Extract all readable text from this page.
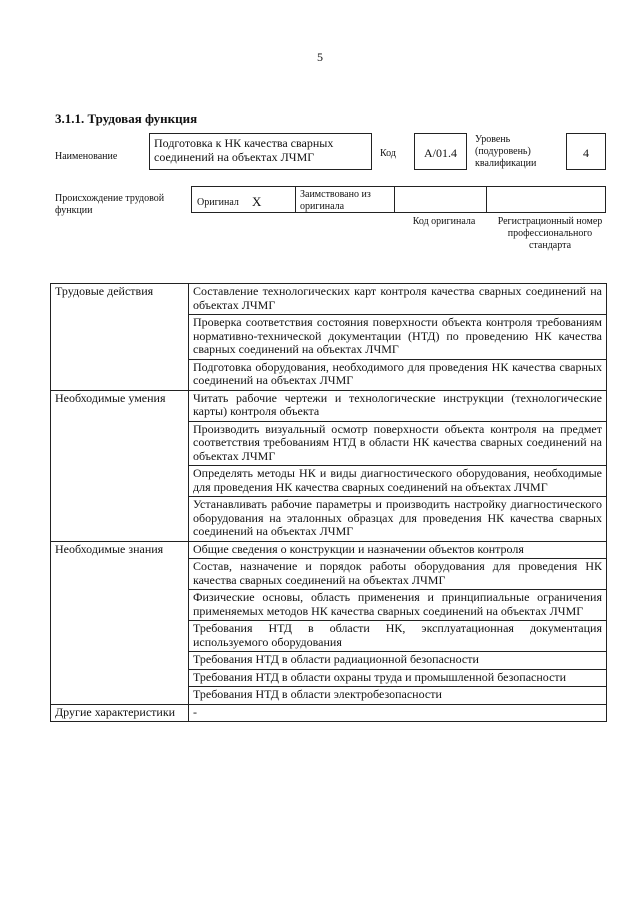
5
3.1.1. Трудовая функция
Наименование
Подготовка к НК качества сварных соединений на объектах ЛЧМГ	Код	А/01.4
Уровень (подуровень) квалификации
4
Происхождение трудовой функции
Оригинал X	Заимствовано из оригинала
Код оригинала	Регистрационный номер профессионального стандарта
Трудовые действия	Составление технологических карт контроля качества сварных соединений на объектах ЛЧМГ
	Проверка соответствия состояния поверхности объекта контроля требованиям нормативно-технической документации (НТД) по проведению НК качества сварных соединений на объектах ЛЧМГ
	Подготовка оборудования, необходимого для проведения НК качества сварных соединений на объектах ЛЧМГ
Необходимые умения	Читать рабочие чертежи и технологические инструкции (технологические карты) контроля объекта
	Производить визуальный осмотр поверхности объекта контроля на предмет соответствия требованиям НТД в области НК качества сварных соединений на объектах ЛЧМГ
	Определять методы НК и виды диагностического оборудования, необходимые для проведения НК качества сварных соединений на объектах ЛЧМГ
	Устанавливать рабочие параметры и производить настройку диагностического оборудования на эталонных образцах для проведения НК качества сварных соединений на объектах ЛЧМГ
Необходимые знания	Общие сведения о конструкции и назначении объектов контроля
	Состав, назначение и порядок работы оборудования для проведения НК качества сварных соединений на объектах ЛЧМГ
	Физические основы, область применения и принципиальные ограничения применяемых методов НК качества сварных соединений на объектах ЛЧМГ
	Требования НТД в области НК, эксплуатационная документация используемого оборудования
	Требования НТД в области радиационной безопасности
	Требования НТД в области охраны труда и промышленной безопасности
	Требования НТД в области электробезопасности
Другие характеристики	-
